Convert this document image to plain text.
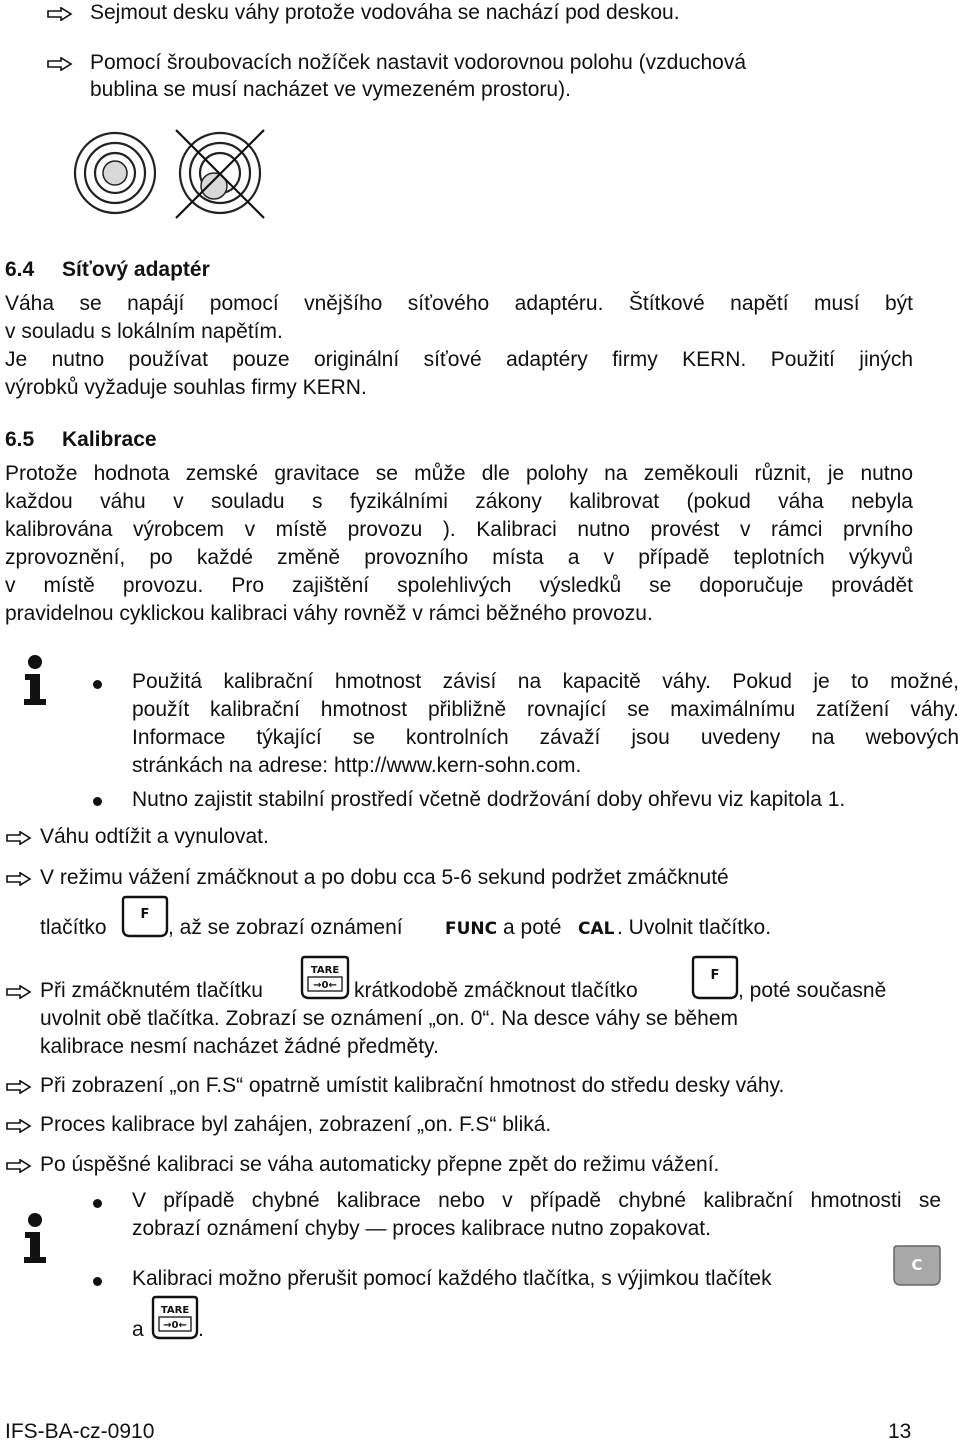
Sejmout desku váhy protože vodováha se nachází pod deskou.
Pomocí šroubovacích nožíček nastavit vodorovnou polohu (vzduchová
bublina se musí nacházet ve vymezeném prostoru).
6.4 Síťový adaptér
Váha se napájí pomocí vnějšího síťového adaptéru. Štítkové napětí musí být
v souladu s lokálním napětím.
Je nutno používat pouze originální síťové adaptéry firmy KERN. Použití jiných
výrobků vyžaduje souhlas firmy KERN.
6.5 Kalibrace
Protože hodnota zemské gravitace se může dle polohy na zeměkouli různit, je nutno
každou váhu v souladu s fyzikálními zákony kalibrovat (pokud váha nebyla
kalibrována výrobcem v místě provozu ). Kalibraci nutno provést v rámci prvního
zprovoznění, po každé změně provozního místa a v případě teplotních výkyvů
v místě provozu. Pro zajištění spolehlivých výsledků se doporučuje provádět
pravidelnou cyklickou kalibraci váhy rovněž v rámci běžného provozu.
Použitá kalibrační hmotnost závisí na kapacitě váhy. Pokud je to možné,
použít kalibrační hmotnost přibližně rovnající se maximálnímu zatížení váhy.
Informace týkající se kontrolních závaží jsou uvedeny na webových
stránkách na adrese: http://www.kern-sohn.com.
Nutno zajistit stabilní prostředí včetně dodržování doby ohřevu viz kapitola 1.
Váhu odtížit a vynulovat.
V režimu vážení zmáčknout a po dobu cca 5-6 sekund podržet zmáčknuté
tlačítko
F
, až se zobrazí oznámení FUNC a poté CAL . Uvolnit tlačítko.
Při zmáčknutém tlačítku
TARE
→0← krátkodobě zmáčknout tlačítko
F
, poté současně
uvolnit obě tlačítka. Zobrazí se oznámení „on. 0“. Na desce váhy se během
kalibrace nesmí nacházet žádné předměty.
Při zobrazení „on F.S“ opatrně umístit kalibrační hmotnost do středu desky váhy.
Proces kalibrace byl zahájen, zobrazení „on. F.S“ bliká.
Po úspěšné kalibraci se váha automaticky přepne zpět do režimu vážení.
V případě chybné kalibrace nebo v případě chybné kalibrační hmotnosti se
zobrazí oznámení chyby — proces kalibrace nutno zopakovat.
Kalibraci možno přerušit pomocí každého tlačítka, s výjimkou tlačítek
C
a
TARE
→0← .
IFS-BA-cz-0910	13
